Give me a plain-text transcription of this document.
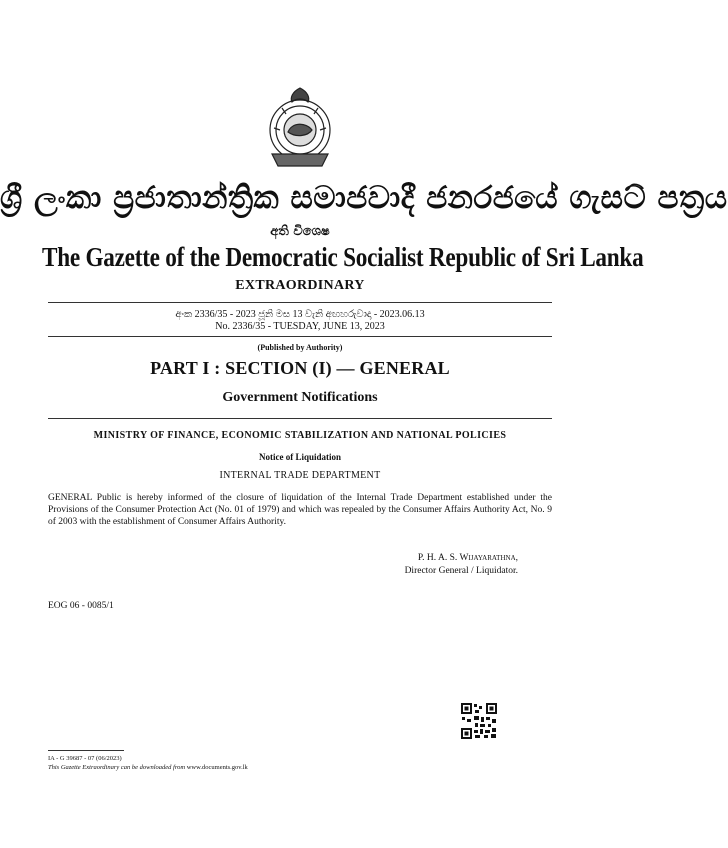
ශ්‍රී ලංකා ප්‍රජාතාන්ත්‍රික සමාජවාදී ජනරජයේ ගැසට් පත්‍රය
අති විශෙෂ
The Gazette of the Democratic Socialist Republic of Sri Lanka
EXTRAORDINARY
අංක 2336/35 - 2023 ජූනි මස 13 වැනි අඟහරුවාදා - 2023.06.13
No. 2336/35 - TUESDAY, JUNE 13, 2023
(Published by Authority)
PART I : SECTION (I) — GENERAL
Government Notifications
MINISTRY OF FINANCE, ECONOMIC STABILIZATION AND NATIONAL POLICIES
Notice of Liquidation
INTERNAL TRADE DEPARTMENT
GENERAL Public is hereby informed of the closure of liquidation of the Internal Trade Department established under the Provisions of the Consumer Protection Act (No. 01 of 1979) and which was repealed by the Consumer Affairs Authority Act, No. 9 of 2003 with the establishment of Consumer Affairs Authority.
P. H. A. S. Wijayarathna,
Director General / Liquidator.
EOG 06 - 0085/1
IA - G 39687 - 07 (06/2023)
This Gazette Extraordinary can be downloaded from www.documents.gov.lk
